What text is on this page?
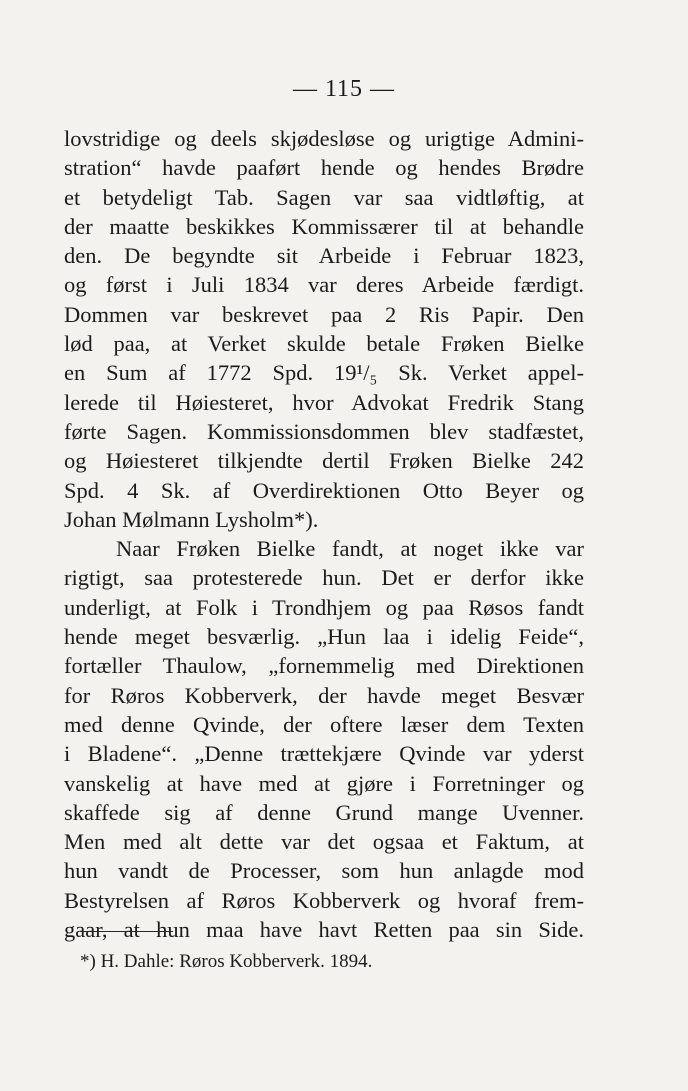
— 115 —
lovstridige og deels skjødesløse og urigtige Admini-
stration“ havde paaført hende og hendes Brødre
et betydeligt Tab. Sagen var saa vidtløftig, at
der maatte beskikkes Kommissærer til at behandle
den. De begyndte sit Arbeide i Februar 1823,
og først i Juli 1834 var deres Arbeide færdigt.
Dommen var beskrevet paa 2 Ris Papir. Den
lød paa, at Verket skulde betale Frøken Bielke
en Sum af 1772 Spd. 19¹/₅ Sk. Verket appel-
lerede til Høiesteret, hvor Advokat Fredrik Stang
førte Sagen. Kommissionsdommen blev stadfæstet,
og Høiesteret tilkjendte dertil Frøken Bielke 242
Spd. 4 Sk. af Overdirektionen Otto Beyer og
Johan Mølmann Lysholm*).
Naar Frøken Bielke fandt, at noget ikke var
rigtigt, saa protesterede hun. Det er derfor ikke
underligt, at Folk i Trondhjem og paa Røsos fandt
hende meget besværlig. „Hun laa i idelig Feide“,
fortæller Thaulow, „fornemmelig med Direktionen
for Røros Kobberverk, der havde meget Besvær
med denne Qvinde, der oftere læser dem Texten
i Bladene“. „Denne trættekjære Qvinde var yderst
vanskelig at have med at gjøre i Forretninger og
skaffede sig af denne Grund mange Uvenner.
Men med alt dette var det ogsaa et Faktum, at
hun vandt de Processer, som hun anlagde mod
Bestyrelsen af Røros Kobberverk og hvoraf frem-
gaar, at hun maa have havt Retten paa sin Side.
*) H. Dahle: Røros Kobberverk. 1894.
